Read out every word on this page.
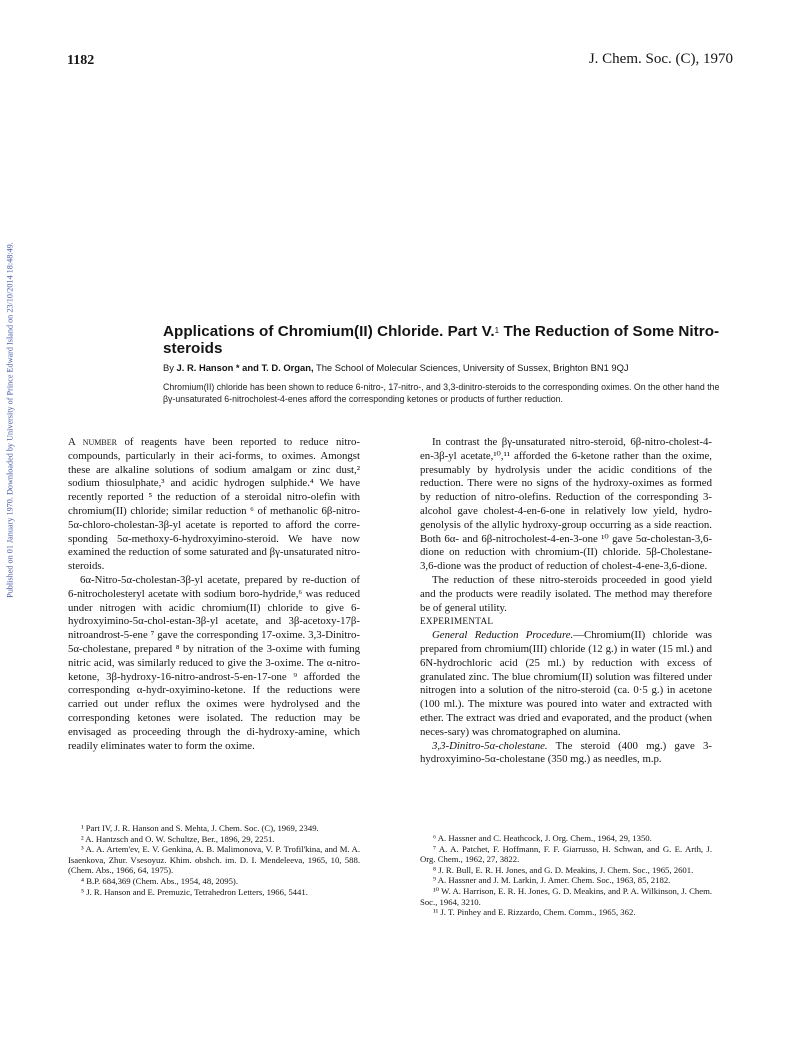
Published on 01 January 1970. Downloaded by University of Prince Edward Island on 23/10/2014 18:48:49.
1182	J. Chem. Soc. (C), 1970
Applications of Chromium(II) Chloride. Part V.$^1$ The Reduction of Some Nitro-steroids
By J. R. Hanson * and T. D. Organ, The School of Molecular Sciences, University of Sussex, Brighton BN1 9QJ
Chromium(II) chloride has been shown to reduce 6-nitro-, 17-nitro-, and 3,3-dinitro-steroids to the corresponding oximes. On the other hand the βγ-unsaturated 6-nitrocholest-4-enes afford the corresponding ketones or products of further reduction.

A number of reagents have been reported to reduce nitro-compounds, particularly in their aci-forms, to oximes. Amongst these are alkaline solutions of sodium amalgam or zinc dust,² sodium thiosulphate,³ and acidic hydrogen sulphide.⁴ We have recently reported ⁵ the reduction of a steroidal nitro-olefin with chromium(II) chloride; similar reduction ⁶ of methanolic 6β-nitro-5α-chloro-cholestan-3β-yl acetate is reported to afford the corre-sponding 5α-methoxy-6-hydroxyimino-steroid. We have now examined the reduction of some saturated and βγ-unsaturated nitro-steroids.

6α-Nitro-5α-cholestan-3β-yl acetate, prepared by re-duction of 6-nitrocholesteryl acetate with sodium boro-hydride,⁶ was reduced under nitrogen with acidic chromium(II) chloride to give 6-hydroxyimino-5α-chol-estan-3β-yl acetate, and 3β-acetoxy-17β-nitroandrost-5-ene ⁷ gave the corresponding 17-oxime. 3,3-Dinitro-5α-cholestane, prepared ⁸ by nitration of the 3-oxime with fuming nitric acid, was similarly reduced to give the 3-oxime. The α-nitro-ketone, 3β-hydroxy-16-nitro-androst-5-en-17-one ⁹ afforded the corresponding α-hydr-oxyimino-ketone. If the reductions were carried out under reflux the oximes were hydrolysed and the corresponding ketones were isolated. The reduction may be envisaged as proceeding through the di-hydroxy-amine, which readily eliminates water to form the oxime.

¹ Part IV, J. R. Hanson and S. Mehta, J. Chem. Soc. (C), 1969, 2349.

² A. Hantzsch and O. W. Schultze, Ber., 1896, 29, 2251.

³ A. A. Artem'ev, E. V. Genkina, A. B. Malimonova, V. P. Trofil'kina, and M. A. Isaenkova, Zhur. Vsesoyuz. Khim. obshch. im. D. I. Mendeleeva, 1965, 10, 588. (Chem. Abs., 1966, 64, 1975).

⁴ B.P. 684,369 (Chem. Abs., 1954, 48, 2095).

⁵ J. R. Hanson and E. Premuzic, Tetrahedron Letters, 1966, 5441.

In contrast the βγ-unsaturated nitro-steroid, 6β-nitro-cholest-4-en-3β-yl acetate,¹⁰,¹¹ afforded the 6-ketone rather than the oxime, presumably by hydrolysis under the acidic conditions of the reduction. There were no signs of the hydroxy-oximes as formed by reduction of nitro-olefins. Reduction of the corresponding 3-alcohol gave cholest-4-en-6-one in relatively low yield, hydro-genolysis of the allylic hydroxy-group occurring as a side reaction. Both 6α- and 6β-nitrocholest-4-en-3-one ¹⁰ gave 5α-cholestan-3,6-dione on reduction with chromium-(II) chloride. 5β-Cholestane-3,6-dione was the product of reduction of cholest-4-ene-3,6-dione.

The reduction of these nitro-steroids proceeded in good yield and the products were readily isolated. The method may therefore be of general utility.

EXPERIMENTAL

General Reduction Procedure.—Chromium(II) chloride was prepared from chromium(III) chloride (12 g.) in water (15 ml.) and 6N-hydrochloric acid (25 ml.) by reduction with excess of granulated zinc. The blue chromium(II) solution was filtered under nitrogen into a solution of the nitro-steroid (ca. 0·5 g.) in acetone (100 ml.). The mixture was poured into water and extracted with ether. The extract was dried and evaporated, and the product (when neces-sary) was chromatographed on alumina.

3,3-Dinitro-5α-cholestane. The steroid (400 mg.) gave 3-hydroxyimino-5α-cholestane (350 mg.) as needles, m.p.

⁶ A. Hassner and C. Heathcock, J. Org. Chem., 1964, 29, 1350.

⁷ A. A. Patchet, F. Hoffmann, F. F. Giarrusso, H. Schwan, and G. E. Arth, J. Org. Chem., 1962, 27, 3822.

⁸ J. R. Bull, E. R. H. Jones, and G. D. Meakins, J. Chem. Soc., 1965, 2601.

⁹ A. Hassner and J. M. Larkin, J. Amer. Chem. Soc., 1963, 85, 2182.

¹⁰ W. A. Harrison, E. R. H. Jones, G. D. Meakins, and P. A. Wilkinson, J. Chem. Soc., 1964, 3210.

¹¹ J. T. Pinhey and E. Rizzardo, Chem. Comm., 1965, 362.
